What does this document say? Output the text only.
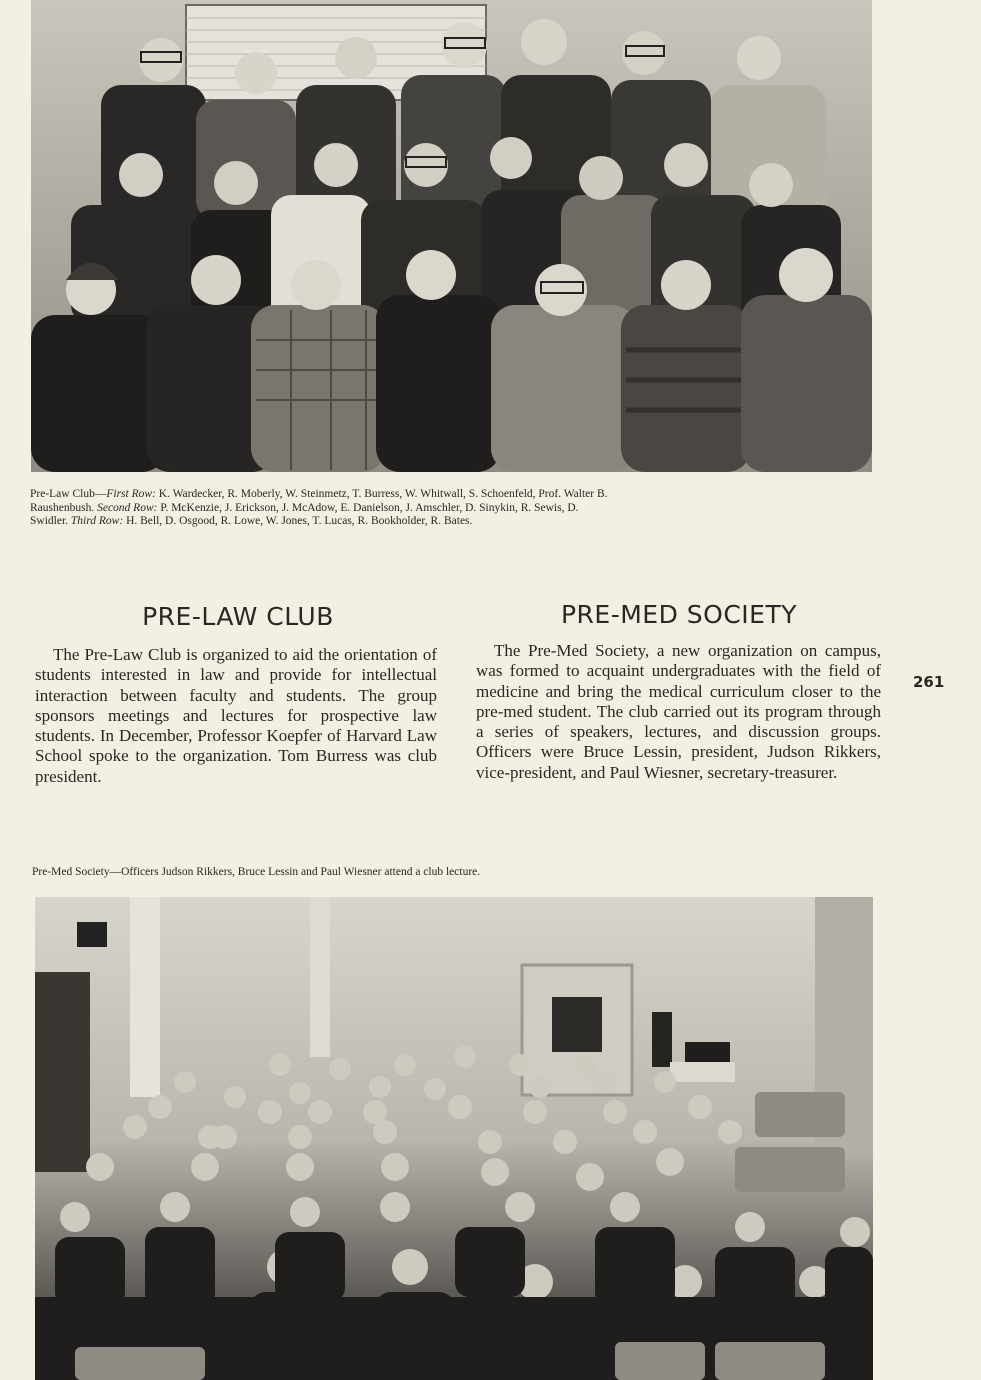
Pre-Law Club—First Row: K. Wardecker, R. Moberly, W. Steinmetz, T. Burress, W. Whitwall, S. Schoenfeld, Prof. Walter B. Raushenbush. Second Row: P. McKenzie, J. Erickson, J. McAdow, E. Danielson, J. Amschler, D. Sinykin, R. Sewis, D. Swidler. Third Row: H. Bell, D. Osgood, R. Lowe, W. Jones, T. Lucas, R. Bookholder, R. Bates.
PRE-LAW CLUB	PRE-MED SOCIETY

The Pre-Law Club is organized to aid the orientation of students interested in law and provide for intellectual interaction between faculty and students. The group sponsors meetings and lectures for prospective law students. In December, Professor Koepfer of Harvard Law School spoke to the organization. Tom Burress was club president.

The Pre-Med Society, a new organization on campus, was formed to acquaint undergraduates with the field of medicine and bring the medical curriculum closer to the pre-med student. The club carried out its program through a series of speakers, lectures, and discussion groups. Officers were Bruce Lessin, president, Judson Rikkers, vice-president, and Paul Wiesner, secretary-treasurer.

261
Pre-Med Society—Officers Judson Rikkers, Bruce Lessin and Paul Wiesner attend a club lecture.
